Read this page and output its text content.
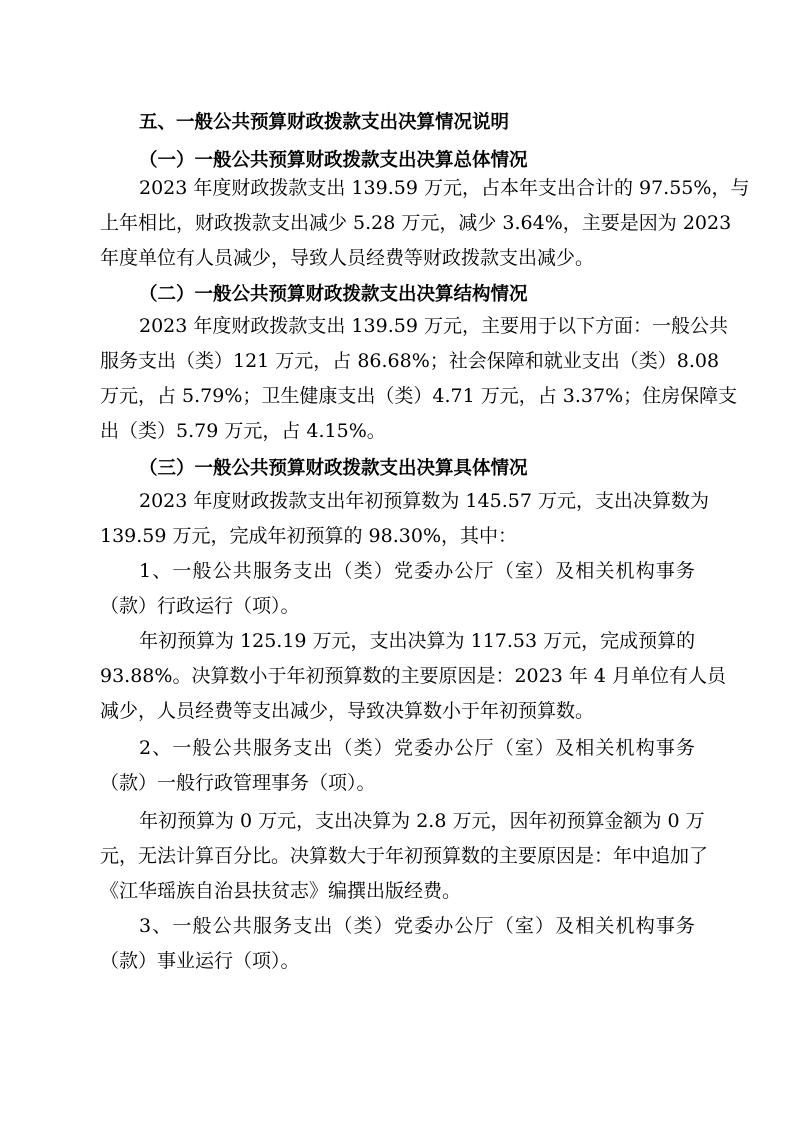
五、一般公共预算财政拨款支出决算情况说明
（一）一般公共预算财政拨款支出决算总体情况
2023 年度财政拨款支出 139.59 万元，占本年支出合计的 97.55%，与
上年相比，财政拨款支出减少 5.28 万元，减少 3.64%，主要是因为 2023
年度单位有人员减少，导致人员经费等财政拨款支出减少。
（二）一般公共预算财政拨款支出决算结构情况
2023 年度财政拨款支出 139.59 万元，主要用于以下方面：一般公共
服务支出（类）121 万元，占 86.68%；社会保障和就业支出（类）8.08
万元，占 5.79%；卫生健康支出（类）4.71 万元，占 3.37%；住房保障支
出（类）5.79 万元，占 4.15%。
（三）一般公共预算财政拨款支出决算具体情况
2023 年度财政拨款支出年初预算数为 145.57 万元，支出决算数为
139.59 万元，完成年初预算的 98.30%，其中：
1、一般公共服务支出（类）党委办公厅（室）及相关机构事务
（款）行政运行（项）。
年初预算为 125.19 万元，支出决算为 117.53 万元，完成预算的
93.88%。决算数小于年初预算数的主要原因是：2023 年 4 月单位有人员
减少，人员经费等支出减少，导致决算数小于年初预算数。
2、一般公共服务支出（类）党委办公厅（室）及相关机构事务
（款）一般行政管理事务（项）。
年初预算为 0 万元，支出决算为 2.8 万元，因年初预算金额为 0 万
元，无法计算百分比。决算数大于年初预算数的主要原因是：年中追加了
《江华瑶族自治县扶贫志》编撰出版经费。
3、一般公共服务支出（类）党委办公厅（室）及相关机构事务
（款）事业运行（项）。
